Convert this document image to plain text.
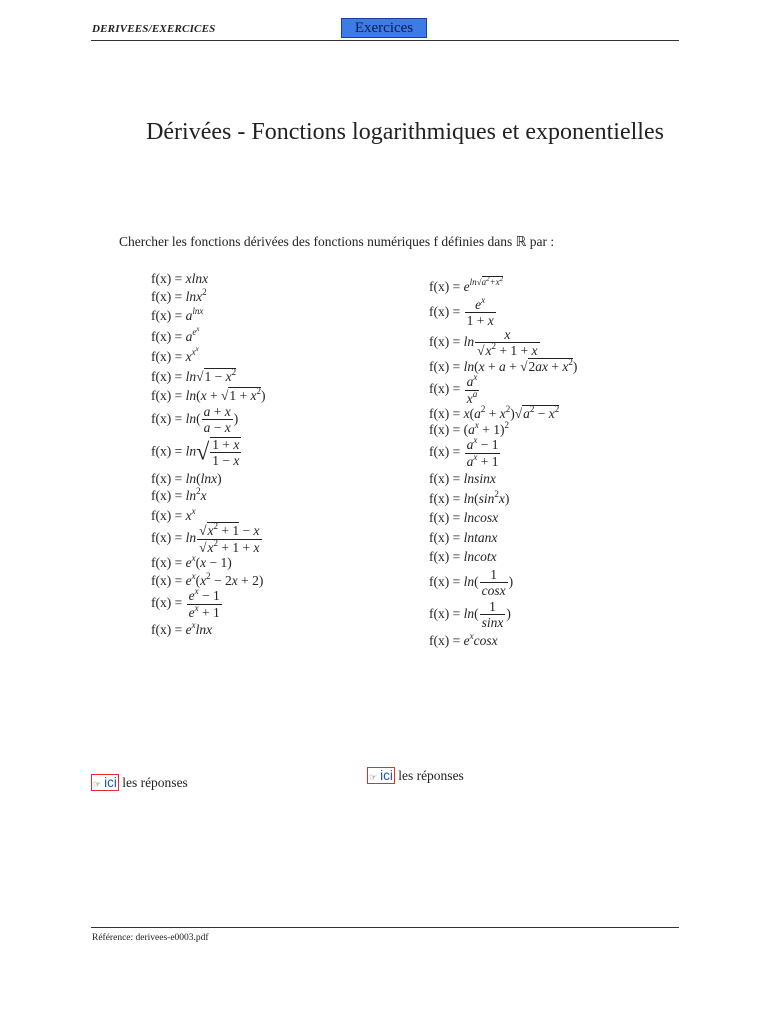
DERIVEES/EXERCICES	Exercices
Dérivées - Fonctions logarithmiques et exponentielles
Chercher les fonctions dérivées des fonctions numériques f définies dans ℝ par :
f(x) = xlnx
f(x) = lnx$^2$
$f(x) = a^{lnx}$
$f(x) = a^{e^x}$
$f(x) = x^{x^x}$
$f(x) = \ln√1 - x^2$
$f(x) = \ln(x + √1 + x^2)$
$f(x) = \ln( \frac{a + x}{a - x}$ )
$f(x) = \ln√ \frac{1 + x}{1 - x}$
f(x) = ln(lnx)
$f(x) = \ln^2x$
$f(x) = x^x$
$f(x) = \ln \frac{√x^2 + 1 - x}{√x^2 + 1 + x}$
$f(x) = e^x(x - 1)$
$f(x) = e^x(x^2 - 2x + 2)$
$f(x) = \frac{e^x - 1}{e^x + 1}$
$f(x) = e^x\ln x$
$f(x) = e^{ln√a^2+x^2}$
$f(x) = \frac{e^x}{1 + x}$
$f(x) = \ln \frac{x}{√x^2 + 1 + x}$
$f(x) = \ln(x + a + √2ax + x^2)$
$f(x) = \frac{a^x}{x^a}$
$f(x) = x(a^2 + x^2)√a^2 - x^2$
$f(x) = (a^x + 1)^2$
$f(x) = \frac{a^x - 1}{a^x + 1}$
f(x) = lnsinx
$f(x) = \ln(\sin^2x)$
f(x) = lncosx
f(x) = lntanx
f(x) = lncotx
$f(x) = \ln( \frac{1}{\cos x}$ )
$f(x) = \ln( \frac{1}{\sin x}$ )
$f(x) = e^x\cos x$
☞ ici les réponses	☞ ici les réponses
Référence: derivees-e0003.pdf
